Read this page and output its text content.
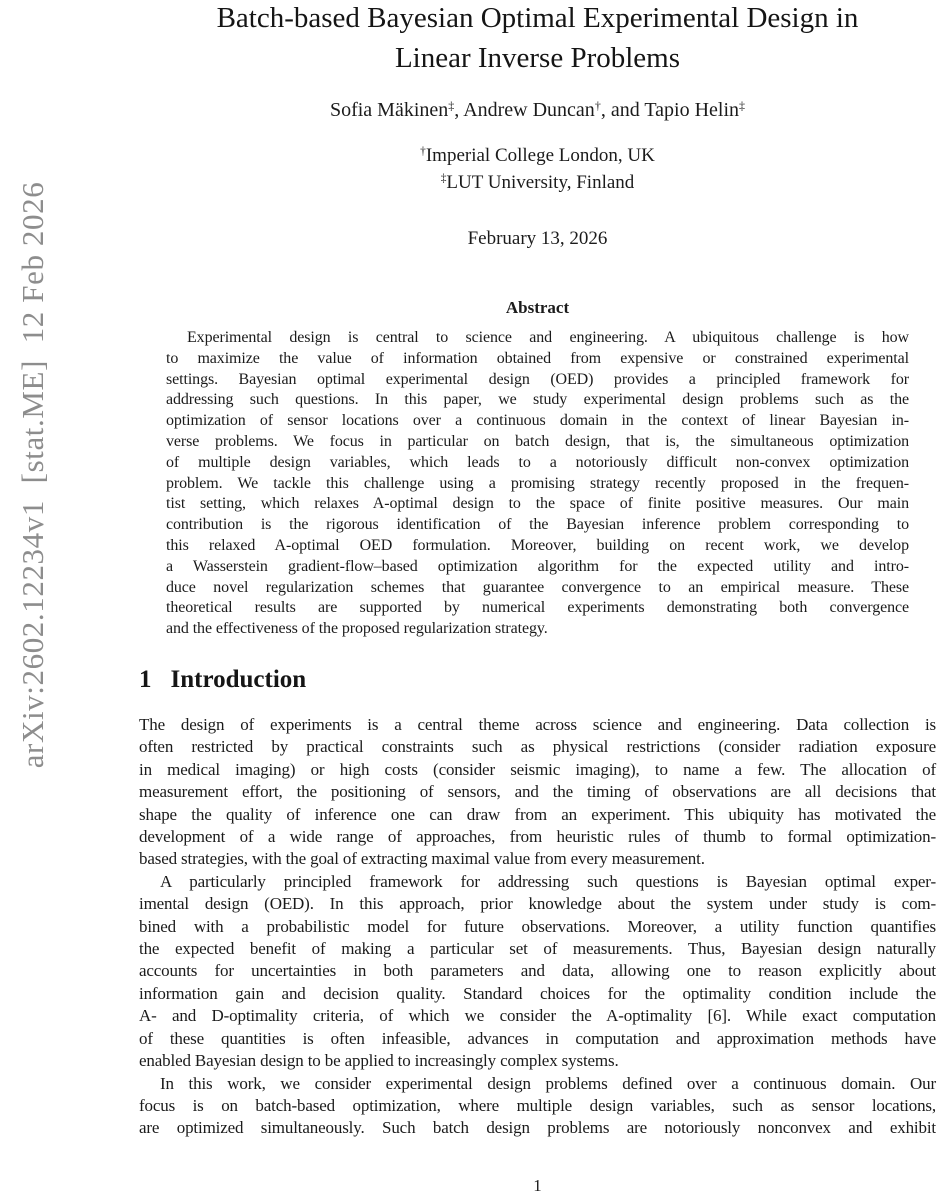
arXiv:2602.12234v1  [stat.ME]  12 Feb 2026
Batch-based Bayesian Optimal Experimental Design in
Linear Inverse Problems
Sofia Mäkinen‡, Andrew Duncan†, and Tapio Helin‡
†Imperial College London, UK
‡LUT University, Finland
February 13, 2026
Abstract
Experimental design is central to science and engineering. A ubiquitous challenge is how
to maximize the value of information obtained from expensive or constrained experimental
settings. Bayesian optimal experimental design (OED) provides a principled framework for
addressing such questions. In this paper, we study experimental design problems such as the
optimization of sensor locations over a continuous domain in the context of linear Bayesian in-
verse problems. We focus in particular on batch design, that is, the simultaneous optimization
of multiple design variables, which leads to a notoriously difficult non-convex optimization
problem. We tackle this challenge using a promising strategy recently proposed in the frequen-
tist setting, which relaxes A-optimal design to the space of finite positive measures. Our main
contribution is the rigorous identification of the Bayesian inference problem corresponding to
this relaxed A-optimal OED formulation. Moreover, building on recent work, we develop
a Wasserstein gradient-flow–based optimization algorithm for the expected utility and intro-
duce novel regularization schemes that guarantee convergence to an empirical measure. These
theoretical results are supported by numerical experiments demonstrating both convergence
and the effectiveness of the proposed regularization strategy.
1 Introduction
The design of experiments is a central theme across science and engineering. Data collection is
often restricted by practical constraints such as physical restrictions (consider radiation exposure
in medical imaging) or high costs (consider seismic imaging), to name a few. The allocation of
measurement effort, the positioning of sensors, and the timing of observations are all decisions that
shape the quality of inference one can draw from an experiment. This ubiquity has motivated the
development of a wide range of approaches, from heuristic rules of thumb to formal optimization-
based strategies, with the goal of extracting maximal value from every measurement.
A particularly principled framework for addressing such questions is Bayesian optimal exper-
imental design (OED). In this approach, prior knowledge about the system under study is com-
bined with a probabilistic model for future observations. Moreover, a utility function quantifies
the expected benefit of making a particular set of measurements. Thus, Bayesian design naturally
accounts for uncertainties in both parameters and data, allowing one to reason explicitly about
information gain and decision quality. Standard choices for the optimality condition include the
A- and D-optimality criteria, of which we consider the A-optimality [6]. While exact computation
of these quantities is often infeasible, advances in computation and approximation methods have
enabled Bayesian design to be applied to increasingly complex systems.
In this work, we consider experimental design problems defined over a continuous domain. Our
focus is on batch-based optimization, where multiple design variables, such as sensor locations,
are optimized simultaneously. Such batch design problems are notoriously nonconvex and exhibit
1
